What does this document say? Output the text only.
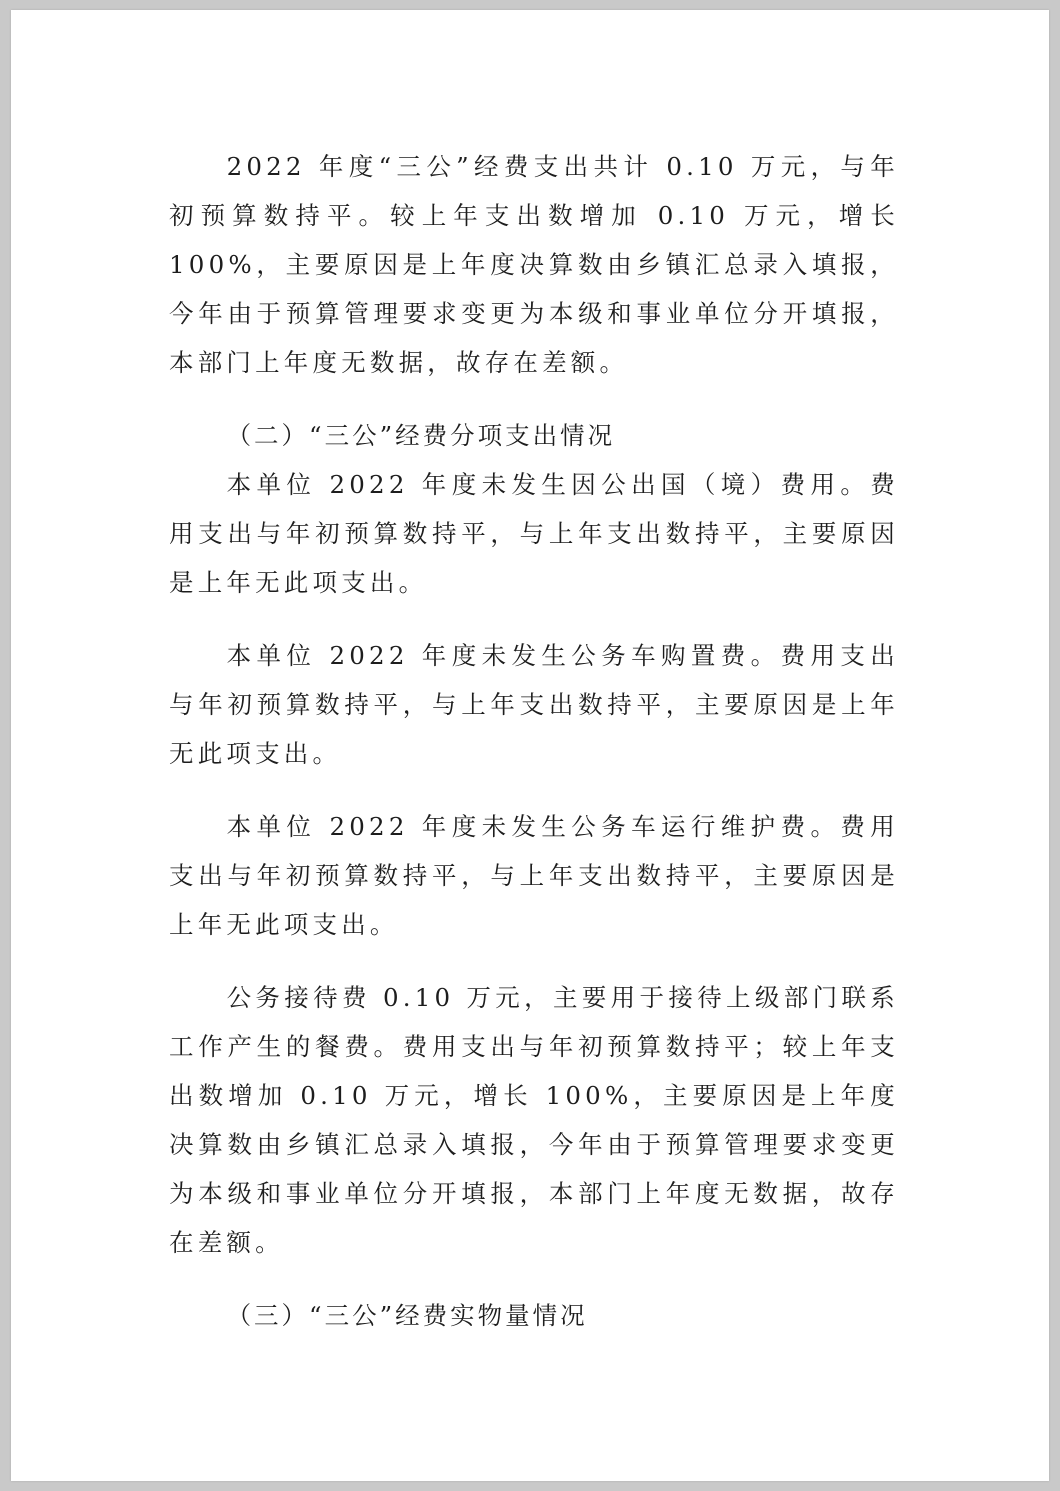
2022 年度“三公”经费支出共计 0.10 万元，与年初预算数持平。较上年支出数增加 0.10 万元，增长 100%，主要原因是上年度决算数由乡镇汇总录入填报，今年由于预算管理要求变更为本级和事业单位分开填报，本部门上年度无数据，故存在差额。

（二）“三公”经费分项支出情况

本单位 2022 年度未发生因公出国（境）费用。费用支出与年初预算数持平，与上年支出数持平，主要原因是上年无此项支出。

本单位 2022 年度未发生公务车购置费。费用支出与年初预算数持平，与上年支出数持平，主要原因是上年无此项支出。

本单位 2022 年度未发生公务车运行维护费。费用支出与年初预算数持平，与上年支出数持平，主要原因是上年无此项支出。

公务接待费 0.10 万元，主要用于接待上级部门联系工作产生的餐费。费用支出与年初预算数持平；较上年支出数增加 0.10 万元，增长 100%，主要原因是上年度决算数由乡镇汇总录入填报，今年由于预算管理要求变更为本级和事业单位分开填报，本部门上年度无数据，故存在差额。

（三）“三公”经费实物量情况
